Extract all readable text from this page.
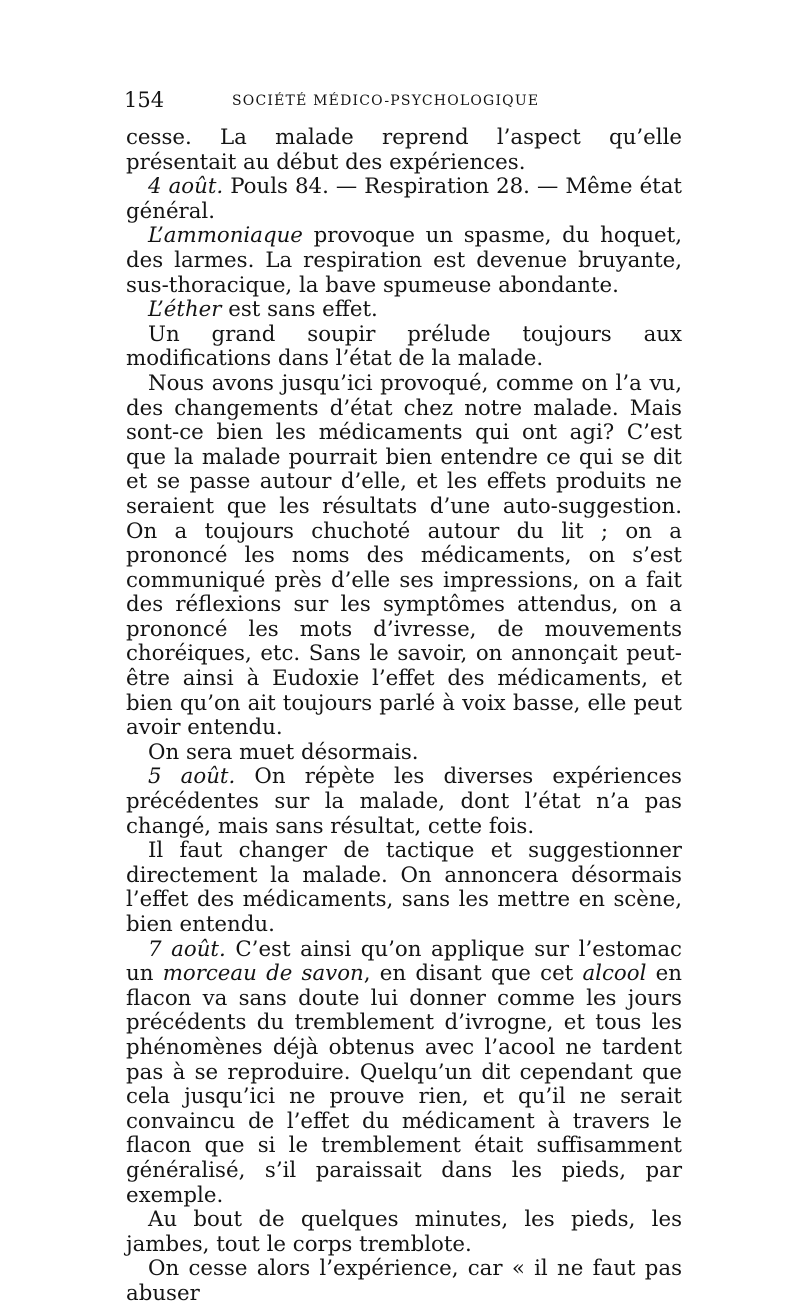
154	SOCIÉTÉ MÉDICO-PSYCHOLOGIQUE

cesse. La malade reprend l’aspect qu’elle présentait au début des expériences.

4 août. Pouls 84. — Respiration 28. — Même état général.

L’ammoniaque provoque un spasme, du hoquet, des larmes. La respiration est devenue bruyante, sus-thoracique, la bave spumeuse abondante.

L’éther est sans effet.

Un grand soupir prélude toujours aux modifications dans l’état de la malade.

Nous avons jusqu’ici provoqué, comme on l’a vu, des changements d’état chez notre malade. Mais sont-ce bien les médicaments qui ont agi? C’est que la malade pourrait bien entendre ce qui se dit et se passe autour d’elle, et les effets produits ne seraient que les résultats d’une auto-suggestion. On a toujours chuchoté autour du lit ; on a prononcé les noms des médicaments, on s’est communiqué près d’elle ses impressions, on a fait des réflexions sur les symptômes attendus, on a prononcé les mots d’ivresse, de mouvements choréiques, etc. Sans le savoir, on annonçait peut-être ainsi à Eudoxie l’effet des médicaments, et bien qu’on ait toujours parlé à voix basse, elle peut avoir entendu.

On sera muet désormais.

5 août. On répète les diverses expériences précédentes sur la malade, dont l’état n’a pas changé, mais sans résultat, cette fois.

Il faut changer de tactique et suggestionner directement la malade. On annoncera désormais l’effet des médicaments, sans les mettre en scène, bien entendu.

7 août. C’est ainsi qu’on applique sur l’estomac un morceau de savon, en disant que cet alcool en flacon va sans doute lui donner comme les jours précédents du tremblement d’ivrogne, et tous les phénomènes déjà obtenus avec l’acool ne tardent pas à se reproduire. Quelqu’un dit cependant que cela jusqu’ici ne prouve rien, et qu’il ne serait convaincu de l’effet du médicament à travers le flacon que si le tremblement était suffisamment généralisé, s’il paraissait dans les pieds, par exemple.

Au bout de quelques minutes, les pieds, les jambes, tout le corps tremblote.

On cesse alors l’expérience, car « il ne faut pas abuser
